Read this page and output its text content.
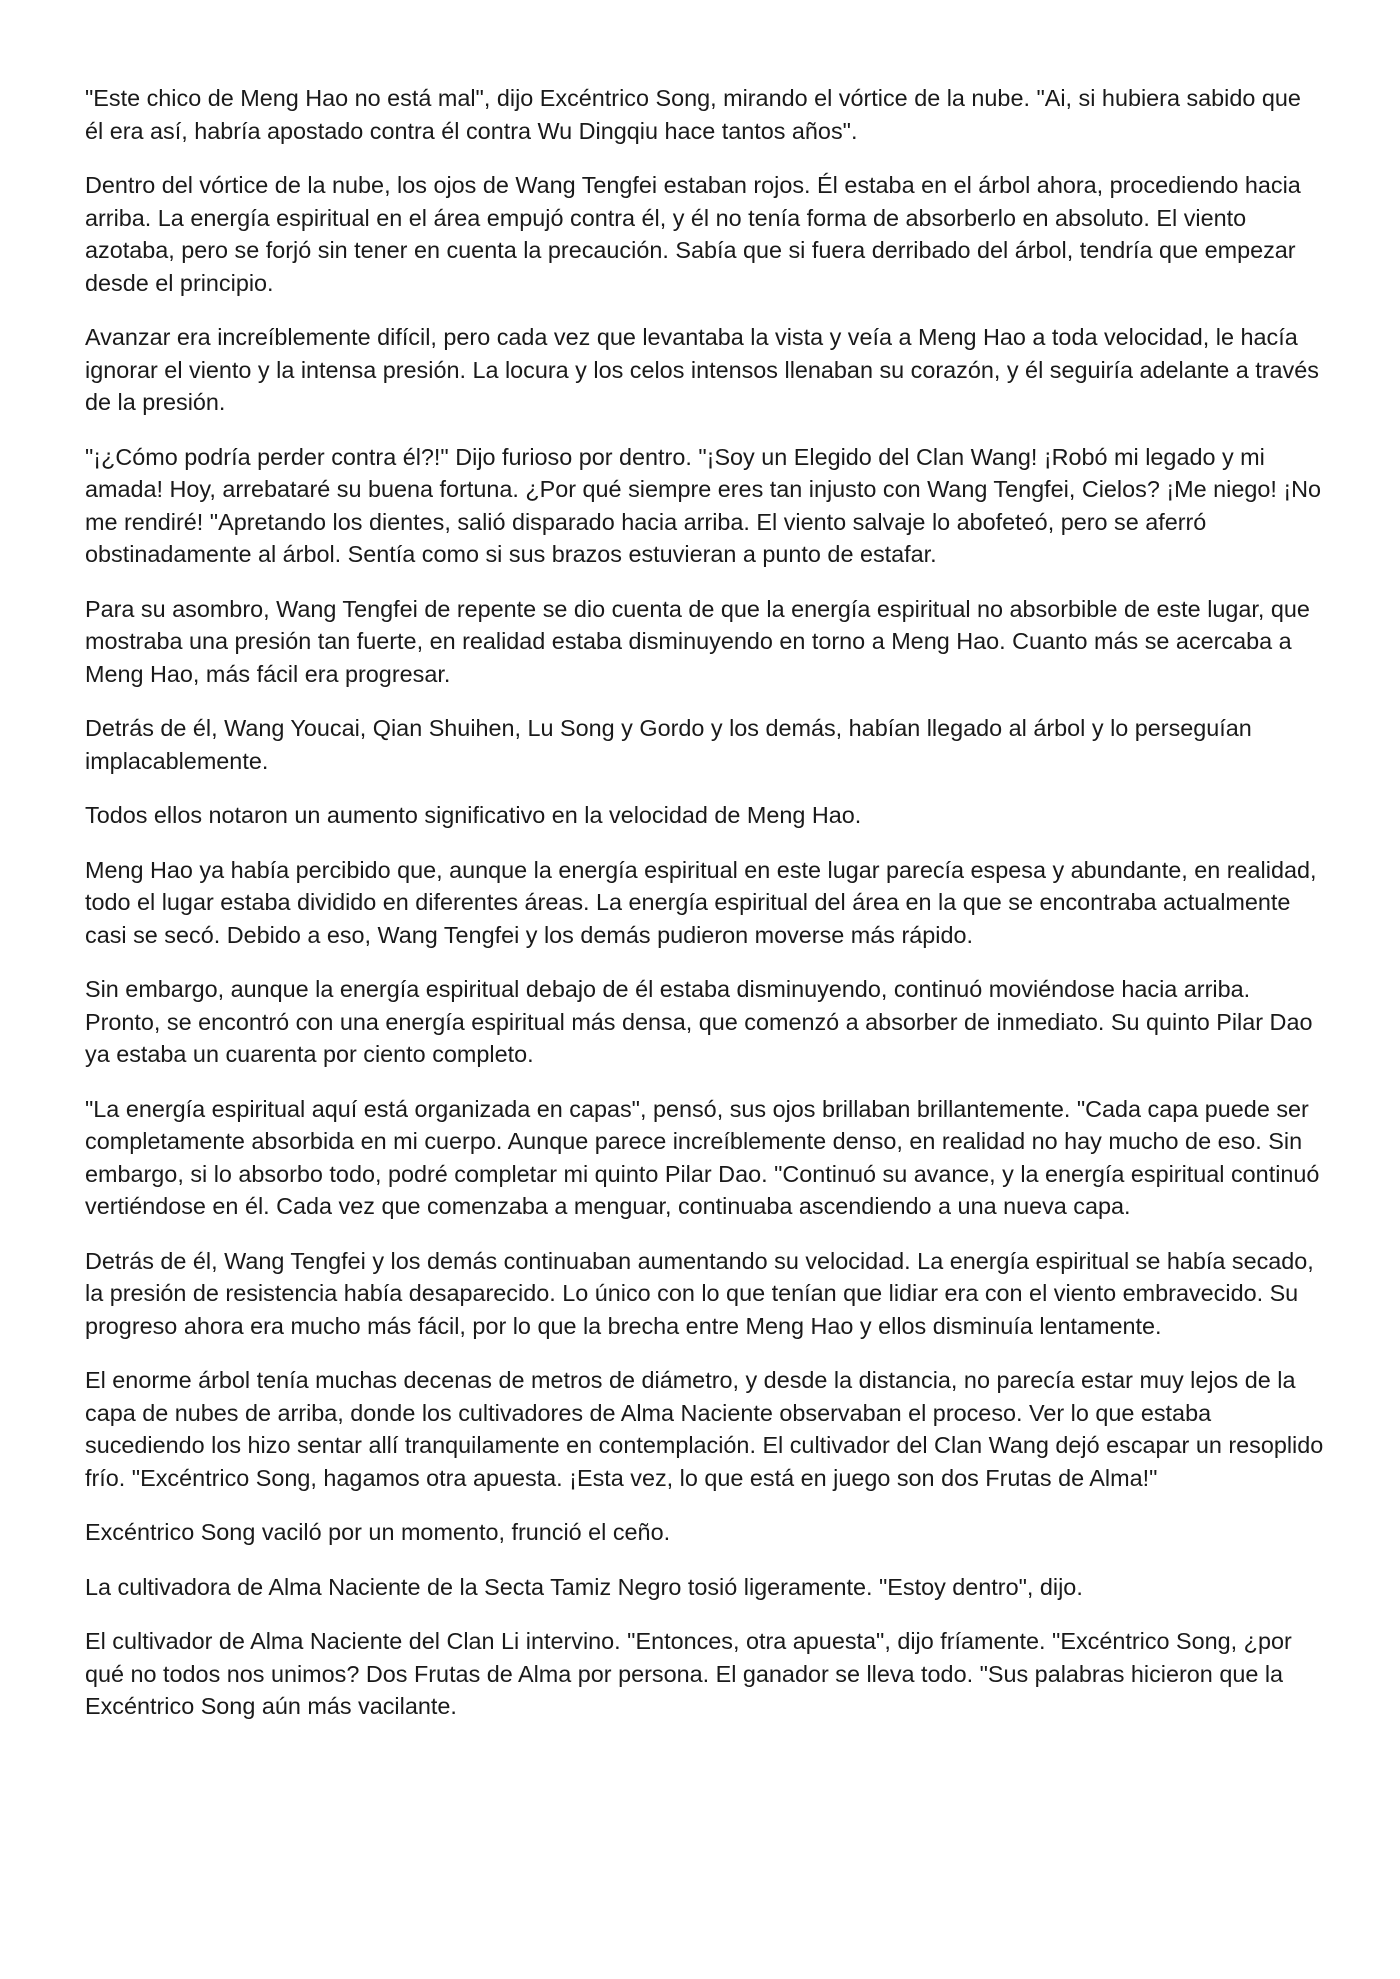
"Este chico de Meng Hao no está mal", dijo Excéntrico Song, mirando el vórtice de la nube. "Ai, si hubiera sabido que él era así, habría apostado contra él contra Wu Dingqiu hace tantos años".

Dentro del vórtice de la nube, los ojos de Wang Tengfei estaban rojos. Él estaba en el árbol ahora, procediendo hacia arriba. La energía espiritual en el área empujó contra él, y él no tenía forma de absorberlo en absoluto. El viento azotaba, pero se forjó sin tener en cuenta la precaución. Sabía que si fuera derribado del árbol, tendría que empezar desde el principio.

Avanzar era increíblemente difícil, pero cada vez que levantaba la vista y veía a Meng Hao a toda velocidad, le hacía ignorar el viento y la intensa presión. La locura y los celos intensos llenaban su corazón, y él seguiría adelante a través de la presión.

"¡¿Cómo podría perder contra él?!" Dijo furioso por dentro. "¡Soy un Elegido del Clan Wang! ¡Robó mi legado y mi amada! Hoy, arrebataré su buena fortuna. ¿Por qué siempre eres tan injusto con Wang Tengfei, Cielos? ¡Me niego! ¡No me rendiré! "Apretando los dientes, salió disparado hacia arriba. El viento salvaje lo abofeteó, pero se aferró obstinadamente al árbol. Sentía como si sus brazos estuvieran a punto de estafar.

Para su asombro, Wang Tengfei de repente se dio cuenta de que la energía espiritual no absorbible de este lugar, que mostraba una presión tan fuerte, en realidad estaba disminuyendo en torno a Meng Hao. Cuanto más se acercaba a Meng Hao, más fácil era progresar.

Detrás de él, Wang Youcai, Qian Shuihen, Lu Song y Gordo y los demás, habían llegado al árbol y lo perseguían implacablemente.

Todos ellos notaron un aumento significativo en la velocidad de Meng Hao.

Meng Hao ya había percibido que, aunque la energía espiritual en este lugar parecía espesa y abundante, en realidad, todo el lugar estaba dividido en diferentes áreas. La energía espiritual del área en la que se encontraba actualmente casi se secó. Debido a eso, Wang Tengfei y los demás pudieron moverse más rápido.

Sin embargo, aunque la energía espiritual debajo de él estaba disminuyendo, continuó moviéndose hacia arriba. Pronto, se encontró con una energía espiritual más densa, que comenzó a absorber de inmediato. Su quinto Pilar Dao ya estaba un cuarenta por ciento completo.

"La energía espiritual aquí está organizada en capas", pensó, sus ojos brillaban brillantemente. "Cada capa puede ser completamente absorbida en mi cuerpo. Aunque parece increíblemente denso, en realidad no hay mucho de eso. Sin embargo, si lo absorbo todo, podré completar mi quinto Pilar Dao. "Continuó su avance, y la energía espiritual continuó vertiéndose en él. Cada vez que comenzaba a menguar, continuaba ascendiendo a una nueva capa.

Detrás de él, Wang Tengfei y los demás continuaban aumentando su velocidad. La energía espiritual se había secado, la presión de resistencia había desaparecido. Lo único con lo que tenían que lidiar era con el viento embravecido. Su progreso ahora era mucho más fácil, por lo que la brecha entre Meng Hao y ellos disminuía lentamente.

El enorme árbol tenía muchas decenas de metros de diámetro, y desde la distancia, no parecía estar muy lejos de la capa de nubes de arriba, donde los cultivadores de Alma Naciente observaban el proceso. Ver lo que estaba sucediendo los hizo sentar allí tranquilamente en contemplación. El cultivador del Clan Wang dejó escapar un resoplido frío. "Excéntrico Song, hagamos otra apuesta. ¡Esta vez, lo que está en juego son dos Frutas de Alma!"

Excéntrico Song vaciló por un momento, frunció el ceño.

La cultivadora de Alma Naciente de la Secta Tamiz Negro tosió ligeramente. "Estoy dentro", dijo.

El cultivador de Alma Naciente del Clan Li intervino. "Entonces, otra apuesta", dijo fríamente. "Excéntrico Song, ¿por qué no todos nos unimos? Dos Frutas de Alma por persona. El ganador se lleva todo. "Sus palabras hicieron que la Excéntrico Song aún más vacilante.
